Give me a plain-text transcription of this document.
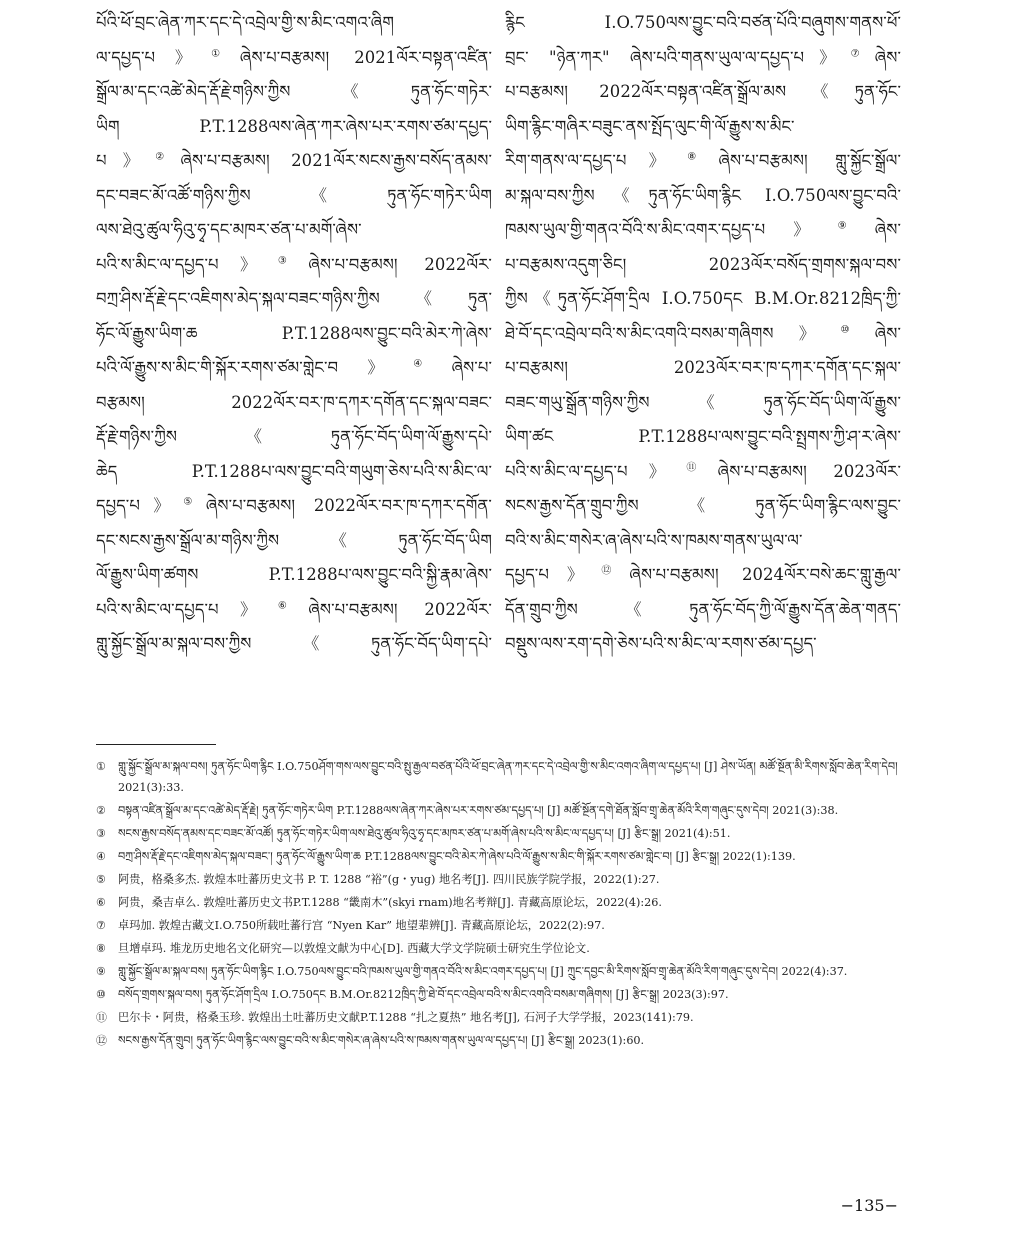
པོའི་ཕོ་བྲང་ཞེན་ཀར་དང་དེ་འབྲེལ་གྱི་ས་མིང་འགའ་ཞིག
ལ་དཔྱད་པ》①ཞེས་པ་བརྩམས། 2021ལོར་བསྟན་འཛིན་
སྒྲོལ་མ་དང་འཚེ་མེད་རྡོ་རྗེ་གཉིས་ཀྱིས《ཏུན་ཧོང་གཏེར་
ཡིག P.T.1288ལས་ཞེན་ཀར་ཞེས་པར་རགས་ཙམ་དཔྱད་
པ》②ཞེས་པ་བརྩམས། 2021ལོར་སངས་རྒྱས་བསོད་ནམས་
དང་བཟང་མོ་འཚོ་གཉིས་ཀྱིས《ཏུན་ཧོང་གཏེར་ཡིག
ལས་ཐེའུ་ཚུལ་ཧིའུ་ཧྭ་དང་མཁར་ཙན་པ་མགོ་ཞེས་
པའི་ས་མིང་ལ་དཔྱད་པ》③ཞེས་པ་བརྩམས། 2022ལོར་
བཀྲ་ཤིས་རྡོ་རྗེ་དང་འཇིགས་མེད་སྐལ་བཟང་གཉིས་ཀྱིས《ཏུན་
ཧོང་ལོ་རྒྱུས་ཡིག་ཆ P.T.1288ལས་བྱུང་བའི་མེར་ཀེ་ཞེས་
པའི་ལོ་རྒྱུས་ས་མིང་གི་སྐོར་རགས་ཙམ་གླེང་བ》④ཞེས་པ་
བརྩམས། 2022ལོར་བར་ཁ་དཀར་དགོན་དང་སྐལ་བཟང་
རྡོ་རྗེ་གཉིས་ཀྱིས《ཏུན་ཧོང་བོད་ཡིག་ལོ་རྒྱུས་དཔེ་
ཆེད P.T.1288པ་ལས་བྱུང་བའི་གཡུག་ཅེས་པའི་ས་མིང་ལ་
དཔྱད་པ》⑤ཞེས་པ་བརྩམས། 2022ལོར་བར་ཁ་དཀར་དགོན་
དང་སངས་རྒྱས་སྒྲོལ་མ་གཉིས་ཀྱིས《ཏུན་ཧོང་བོད་ཡིག
ལོ་རྒྱུས་ཡིག་ཚགས P.T.1288པ་ལས་བྱུང་བའི་སྐྱི་རྣམ་ཞེས་
པའི་ས་མིང་ལ་དཔྱད་པ》⑥ཞེས་པ་བརྩམས། 2022ལོར་
གླུ་སྐྱོང་སྒྲོལ་མ་སྐལ་བས་ཀྱིས《ཏུན་ཧོང་བོད་ཡིག་དཔེ་
རྙིང I.O.750ལས་བྱུང་བའི་བཙན་པོའི་བཞུགས་གནས་ཕོ་
བྲང་ "ཉེན་ཀར" ཞེས་པའི་གནས་ཡུལ་ལ་དཔྱད་པ》⑦ཞེས་
པ་བརྩམས། 2022ལོར་བསྟན་འཛིན་སྒྲོལ་མས《ཏུན་ཧོང་
ཡིག་རྙིང་གཞིར་བཟུང་ནས་སྤོད་ལུང་གི་ལོ་རྒྱུས་ས་མིང་
རིག་གནས་ལ་དཔྱད་པ》⑧ཞེས་པ་བརྩམས། གླུ་སྐྱོང་སྒྲོལ་
མ་སྐལ་བས་ཀྱིས《ཏུན་ཧོང་ཡིག་རྙིང I.O.750ལས་བྱུང་བའི་
ཁམས་ཡུལ་གྱི་གནའ་བོའི་ས་མིང་འགར་དཔྱད་པ》⑨ཞེས་
པ་བརྩམས་འདུག་ཅིང། 2023ལོར་བསོད་གྲགས་སྐལ་བས་
ཀྱིས《ཏུན་ཧོང་ཤོག་དྲིལ I.O.750དང B.M.Or.8212ཁྲིད་ཀྱི་
ཐེ་བོ་དང་འབྲེལ་བའི་ས་མིང་འགའི་བསམ་གཞིགས》⑩ཞེས་
པ་བརྩམས། 2023ལོར་བར་ཁ་དཀར་དགོན་དང་སྐལ་
བཟང་གཡུ་སྒྲོན་གཉིས་ཀྱིས《ཏུན་ཧོང་བོད་ཡིག་ལོ་རྒྱུས་
ཡིག་ཚང P.T.1288པ་ལས་བྱུང་བའི་སྤྲགས་ཀྱི་ཤ་ར་ཞེས་
པའི་ས་མིང་ལ་དཔྱད་པ》⑪ཞེས་པ་བརྩམས། 2023ལོར་
སངས་རྒྱས་དོན་གྲུབ་ཀྱིས《ཏུན་ཧོང་ཡིག་རྙིང་ལས་བྱུང་
བའི་ས་མིང་གསེར་ཞ་ཞེས་པའི་ས་ཁམས་གནས་ཡུལ་ལ་
དཔྱད་པ》⑫ཞེས་པ་བརྩམས། 2024ལོར་བསེ་ཆང་གླུ་རྒྱལ་
དོན་གྲུབ་ཀྱིས《ཏུན་ཧོང་བོད་ཀྱི་ལོ་རྒྱུས་དོན་ཆེན་གནད་
བསྡུས་ལས་རག་དགེ་ཅེས་པའི་ས་མིང་ལ་རགས་ཙམ་དཔྱད་
①	གླུ་སྐྱོང་སྒྲོལ་མ་སྐལ་བས། ཏུན་ཧོང་ཡིག་རྙིང I.O.750ཤོག་གས་ལས་བྱུང་བའི་སྤུ་རྒྱལ་བཙན་པོའི་ཕོ་བྲང་ཞེན་ཀར་དང་དེ་འབྲེལ་གྱི་ས་མིང་འགའ་ཞིག་ལ་དཔྱད་པ། [J] ཤེས་ཡོན། མཚོ་སྔོན་མི་རིགས་སློབ་ཆེན་རིག་དེབ། 2021(3):33.
②	བསྟན་འཛིན་སྒྲོལ་མ་དང་འཚེ་མེད་རྡོ་རྗེ། ཏུན་ཧོང་གཏེར་ཡིག P.T.1288ལས་ཞེན་ཀར་ཞེས་པར་རགས་ཙམ་དཔྱད་པ། [J] མཚོ་སྔོན་དགེ་ཐོན་སློབ་གྲྭ་ཆེན་མོའི་རིག་གཞུང་དུས་དེབ། 2021(3):38.
③	སངས་རྒྱས་བསོད་ནམས་དང་བཟང་མོ་འཚོ། ཏུན་ཧོང་གཏེར་ཡིག་ལས་ཐེའུ་ཚུལ་ཧིའུ་ཧྭ་དང་མཁར་ཙན་པ་མགོ་ཞེས་པའི་ས་མིང་ལ་དཔྱད་པ། [J] རྩིང་སྒྲ། 2021(4):51.
④	བཀྲ་ཤིས་རྡོ་རྗེ་དང་འཇིགས་མེད་སྐལ་བཟང་། ཏུན་ཧོང་ལོ་རྒྱུས་ཡིག་ཆ P.T.1288ལས་བྱུང་བའི་མེར་ཀེ་ཞེས་པའི་ལོ་རྒྱུས་ས་མིང་གི་སྐོར་རགས་ཙམ་གླེང་བ། [J] རྩིང་སྒྲ། 2022(1):139.
⑤	阿贵，格桑多杰. 敦煌本吐蕃历史文书 P. T. 1288 “裕”(g・yug) 地名考[J]. 四川民族学院学报，2022(1):27.
⑥	阿贵，桑吉卓么. 敦煌吐蕃历史文书P.T.1288 “畿南木”(skyi rnam)地名考辩[J]. 青藏高原论坛，2022(4):26.
⑦	卓玛加. 敦煌古藏文I.O.750所载吐蕃行宫 “Nyen Kar” 地望辈辨[J]. 青藏高原论坛，2022(2):97.
⑧	旦增卓玛. 堆龙历史地名文化研究—以敦煌文献为中心[D]. 西藏大学文学院硕士研究生学位论文.
⑨	གླུ་སྐྱོང་སྒྲོལ་མ་སྐལ་བས། ཏུན་ཧོང་ཡིག་རྙིང I.O.750ལས་བྱུང་བའི་ཁམས་ཡུལ་གྱི་གནའ་བོའི་ས་མིང་འགར་དཔྱད་པ། [J] ཀྲུང་དབྱང་མི་རིགས་སློབ་གྲྭ་ཆེན་མོའི་རིག་གཞུང་དུས་དེབ། 2022(4):37.
⑩	བསོད་གྲགས་སྐལ་བས། ཏུན་ཧོང་ཤོག་དྲིལ I.O.750དང B.M.Or.8212ཁྲིད་ཀྱི་ཐེ་བོ་དང་འབྲེལ་བའི་ས་མིང་འགའི་བསམ་གཞིགས། [J] རྩིང་སྒྲ། 2023(3):97.
⑪ 巴尔卡・阿贵，格桑玉珍. 敦煌出土吐蕃历史文献P.T.1288 “扎之夏热” 地名考[J], 石河子大学学报，2023(141):79.
⑫ སངས་རྒྱས་དོན་གྲུབ། ཏུན་ཧོང་ཡིག་རྙིང་ལས་བྱུང་བའི་ས་མིང་གསེར་ཞ་ཞེས་པའི་ས་ཁམས་གནས་ཡུལ་ལ་དཔྱད་པ། [J] རྩིང་སྒྲ། 2023(1):60.
−135−
